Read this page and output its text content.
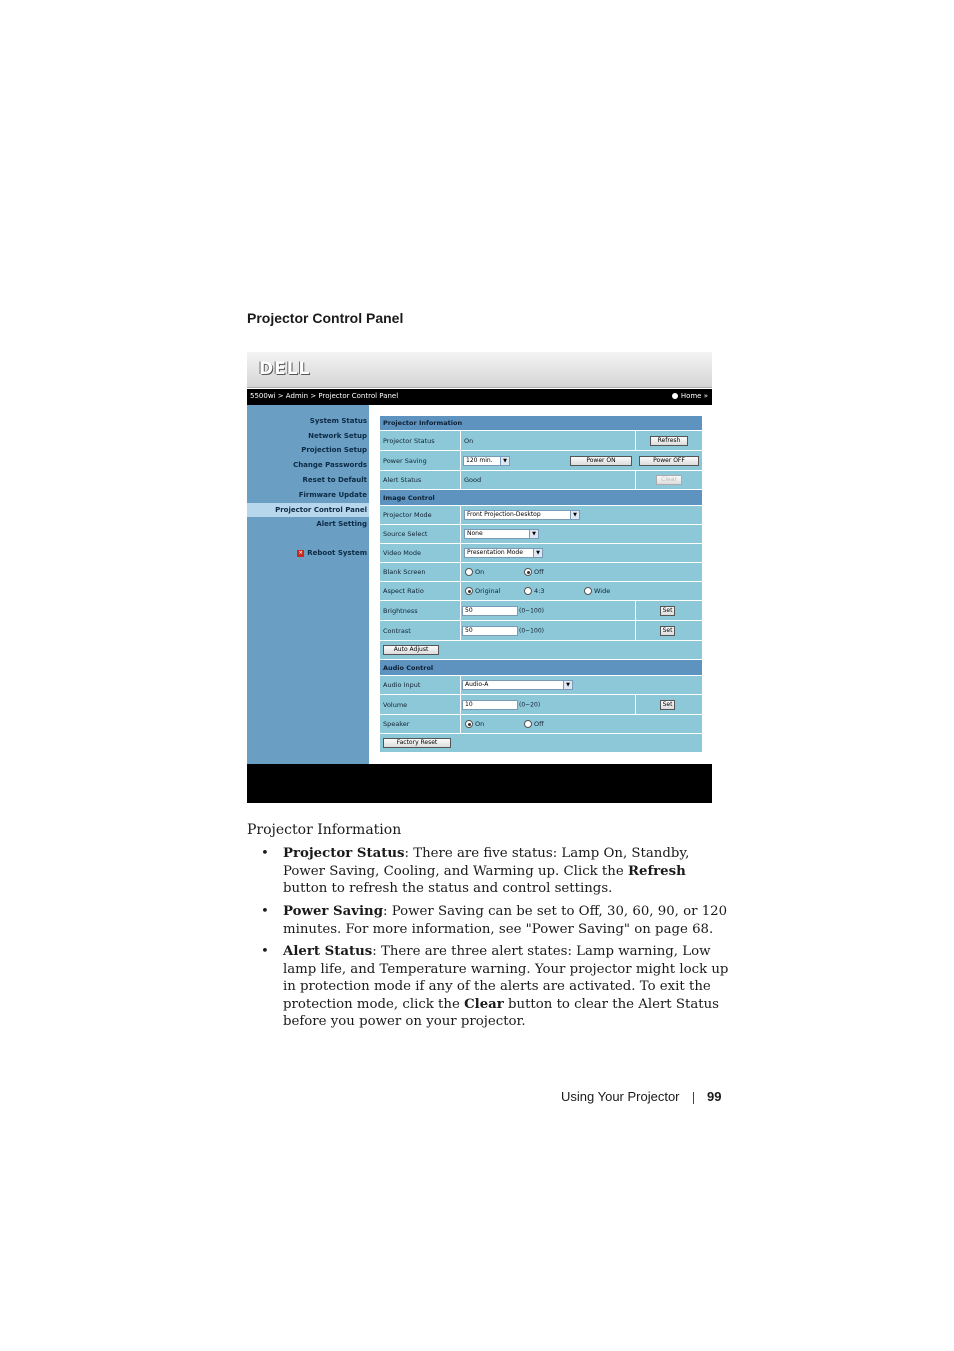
Projector Control Panel
DELL
5500wi > Admin > Projector Control Panel	Home »
System Status
Network Setup
Projection Setup
Change Passwords
Reset to Default
Firmware Update
Projector Control Panel
Alert Setting
× Reboot System
Projector Information
Projector Status	On	Refresh
Power Saving	120 min.	▼	Power ON	Power OFF
Alert Status	Good	Clear
Image Control
Projector Mode	Front Projection-Desktop	▼
Source Select	None	▼
Video Mode	Presentation Mode	▼
Blank Screen	On	Off
Aspect Ratio	Original	4:3	Wide
Brightness	50	(0~100)	Set
Contrast	50	(0~100)	Set
Auto Adjust
Audio Control
Audio Input	Audio-A	▼
Volume	10	(0~20)	Set
Speaker	On	Off
Factory Reset
Projector Information
• Projector Status: There are five status: Lamp On, Standby, Power Saving, Cooling, and Warming up. Click the Refresh button to refresh the status and control settings.
• Power Saving: Power Saving can be set to Off, 30, 60, 90, or 120 minutes. For more information, see "Power Saving" on page 68.
• Alert Status: There are three alert states: Lamp warning, Low lamp life, and Temperature warning. Your projector might lock up in protection mode if any of the alerts are activated. To exit the protection mode, click the Clear button to clear the Alert Status before you power on your projector.
Using Your Projector 99
